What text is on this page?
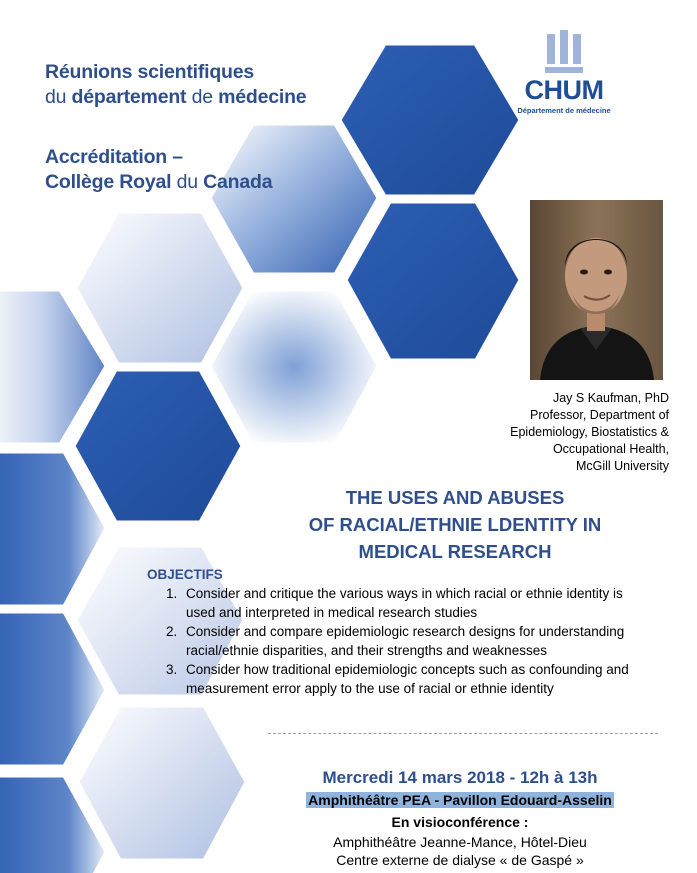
Réunions scientifiques
du département de médecine
Accréditation –
Collège Royal du Canada
CHUM
Département de médecine
Jay S Kaufman, PhD
Professor, Department of
Epidemiology, Biostatistics &
Occupational Health,
McGill University
THE USES AND ABUSES
OF RACIAL/ETHNIE LDENTITY IN
MEDICAL RESEARCH
OBJECTIFS
1. Consider and critique the various ways in which racial or ethnie identity is
used and interpreted in medical research studies
2. Consider and compare epidemiologic research designs for understanding
racial/ethnie disparities, and their strengths and weaknesses
3. Consider how traditional epidemiologic concepts such as confounding and
measurement error apply to the use of racial or ethnie identity
Mercredi 14 mars 2018 - 12h à 13h
Amphithéâtre PEA - Pavillon Edouard-Asselin
En visioconférence :
Amphithéâtre Jeanne-Mance, Hôtel-Dieu
Centre externe de dialyse « de Gaspé »
